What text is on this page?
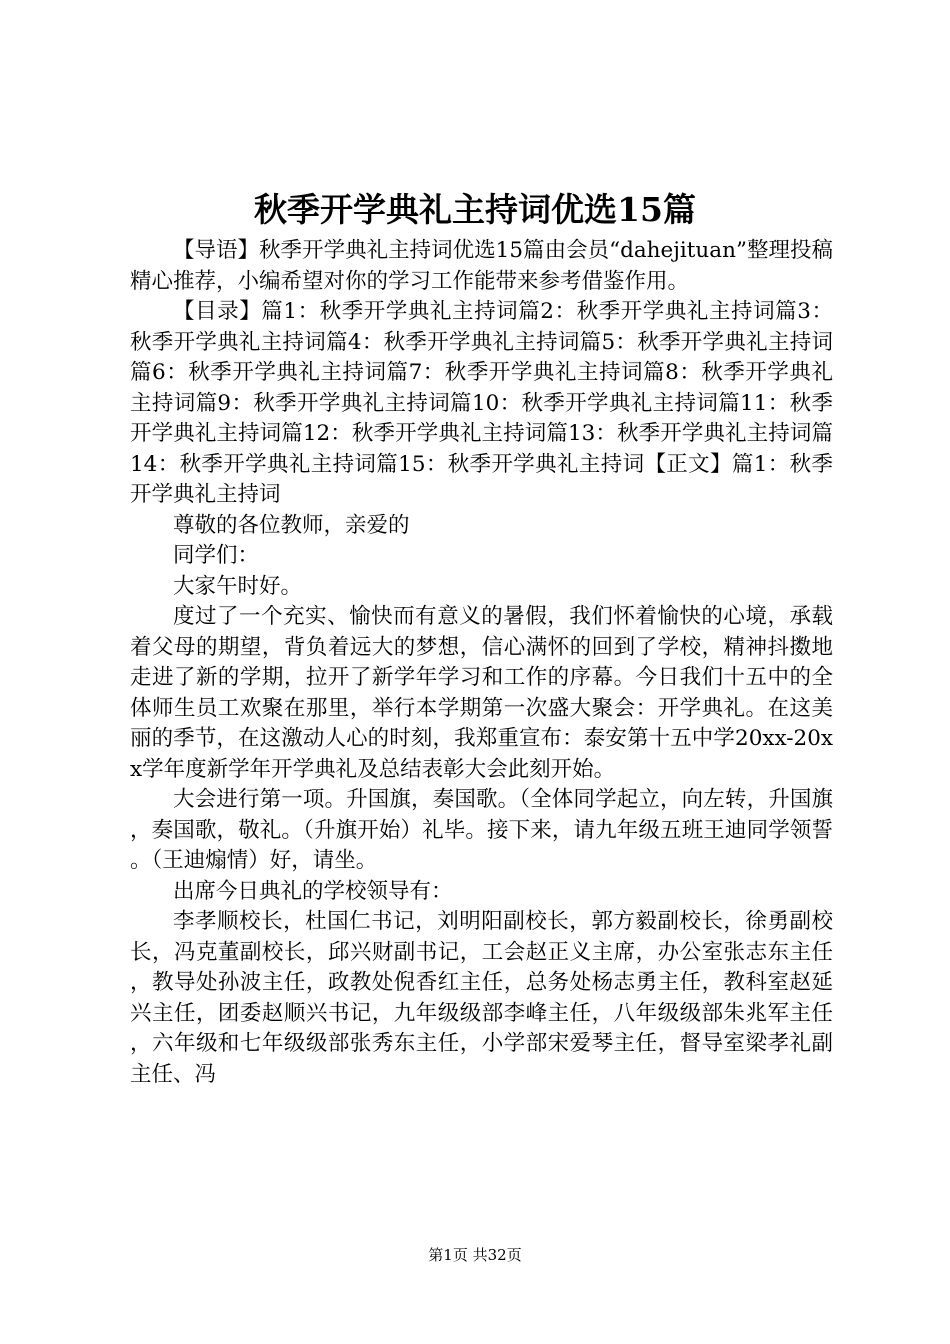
秋季开学典礼主持词优选15篇

【导语】秋季开学典礼主持词优选15篇由会员“dahejituan”整理投稿精心推荐，小编希望对你的学习工作能带来参考借鉴作用。

【目录】篇1：秋季开学典礼主持词篇2：秋季开学典礼主持词篇3：秋季开学典礼主持词篇4：秋季开学典礼主持词篇5：秋季开学典礼主持词篇6：秋季开学典礼主持词篇7：秋季开学典礼主持词篇8：秋季开学典礼主持词篇9：秋季开学典礼主持词篇10：秋季开学典礼主持词篇11：秋季开学典礼主持词篇12：秋季开学典礼主持词篇13：秋季开学典礼主持词篇14：秋季开学典礼主持词篇15：秋季开学典礼主持词【正文】篇1：秋季开学典礼主持词

尊敬的各位教师，亲爱的

同学们：

大家午时好。

度过了一个充实、愉快而有意义的暑假，我们怀着愉快的心境，承载着父母的期望，背负着远大的梦想，信心满怀的回到了学校，精神抖擞地走进了新的学期，拉开了新学年学习和工作的序幕。今日我们十五中的全体师生员工欢聚在那里，举行本学期第一次盛大聚会：开学典礼。在这美丽的季节，在这激动人心的时刻，我郑重宣布：泰安第十五中学20xx-20xx学年度新学年开学典礼及总结表彰大会此刻开始。

大会进行第一项。升国旗，奏国歌。（全体同学起立，向左转，升国旗，奏国歌，敬礼。（升旗开始）礼毕。接下来，请九年级五班王迪同学领誓。（王迪煽情）好，请坐。

出席今日典礼的学校领导有：

李孝顺校长，杜国仁书记，刘明阳副校长，郭方毅副校长，徐勇副校长，冯克董副校长，邱兴财副书记，工会赵正义主席，办公室张志东主任，教导处孙波主任，政教处倪香红主任，总务处杨志勇主任，教科室赵延兴主任，团委赵顺兴书记，九年级级部李峰主任，八年级级部朱兆军主任，六年级和七年级级部张秀东主任，小学部宋爱琴主任，督导室梁孝礼副主任、冯

第1页 共32页
